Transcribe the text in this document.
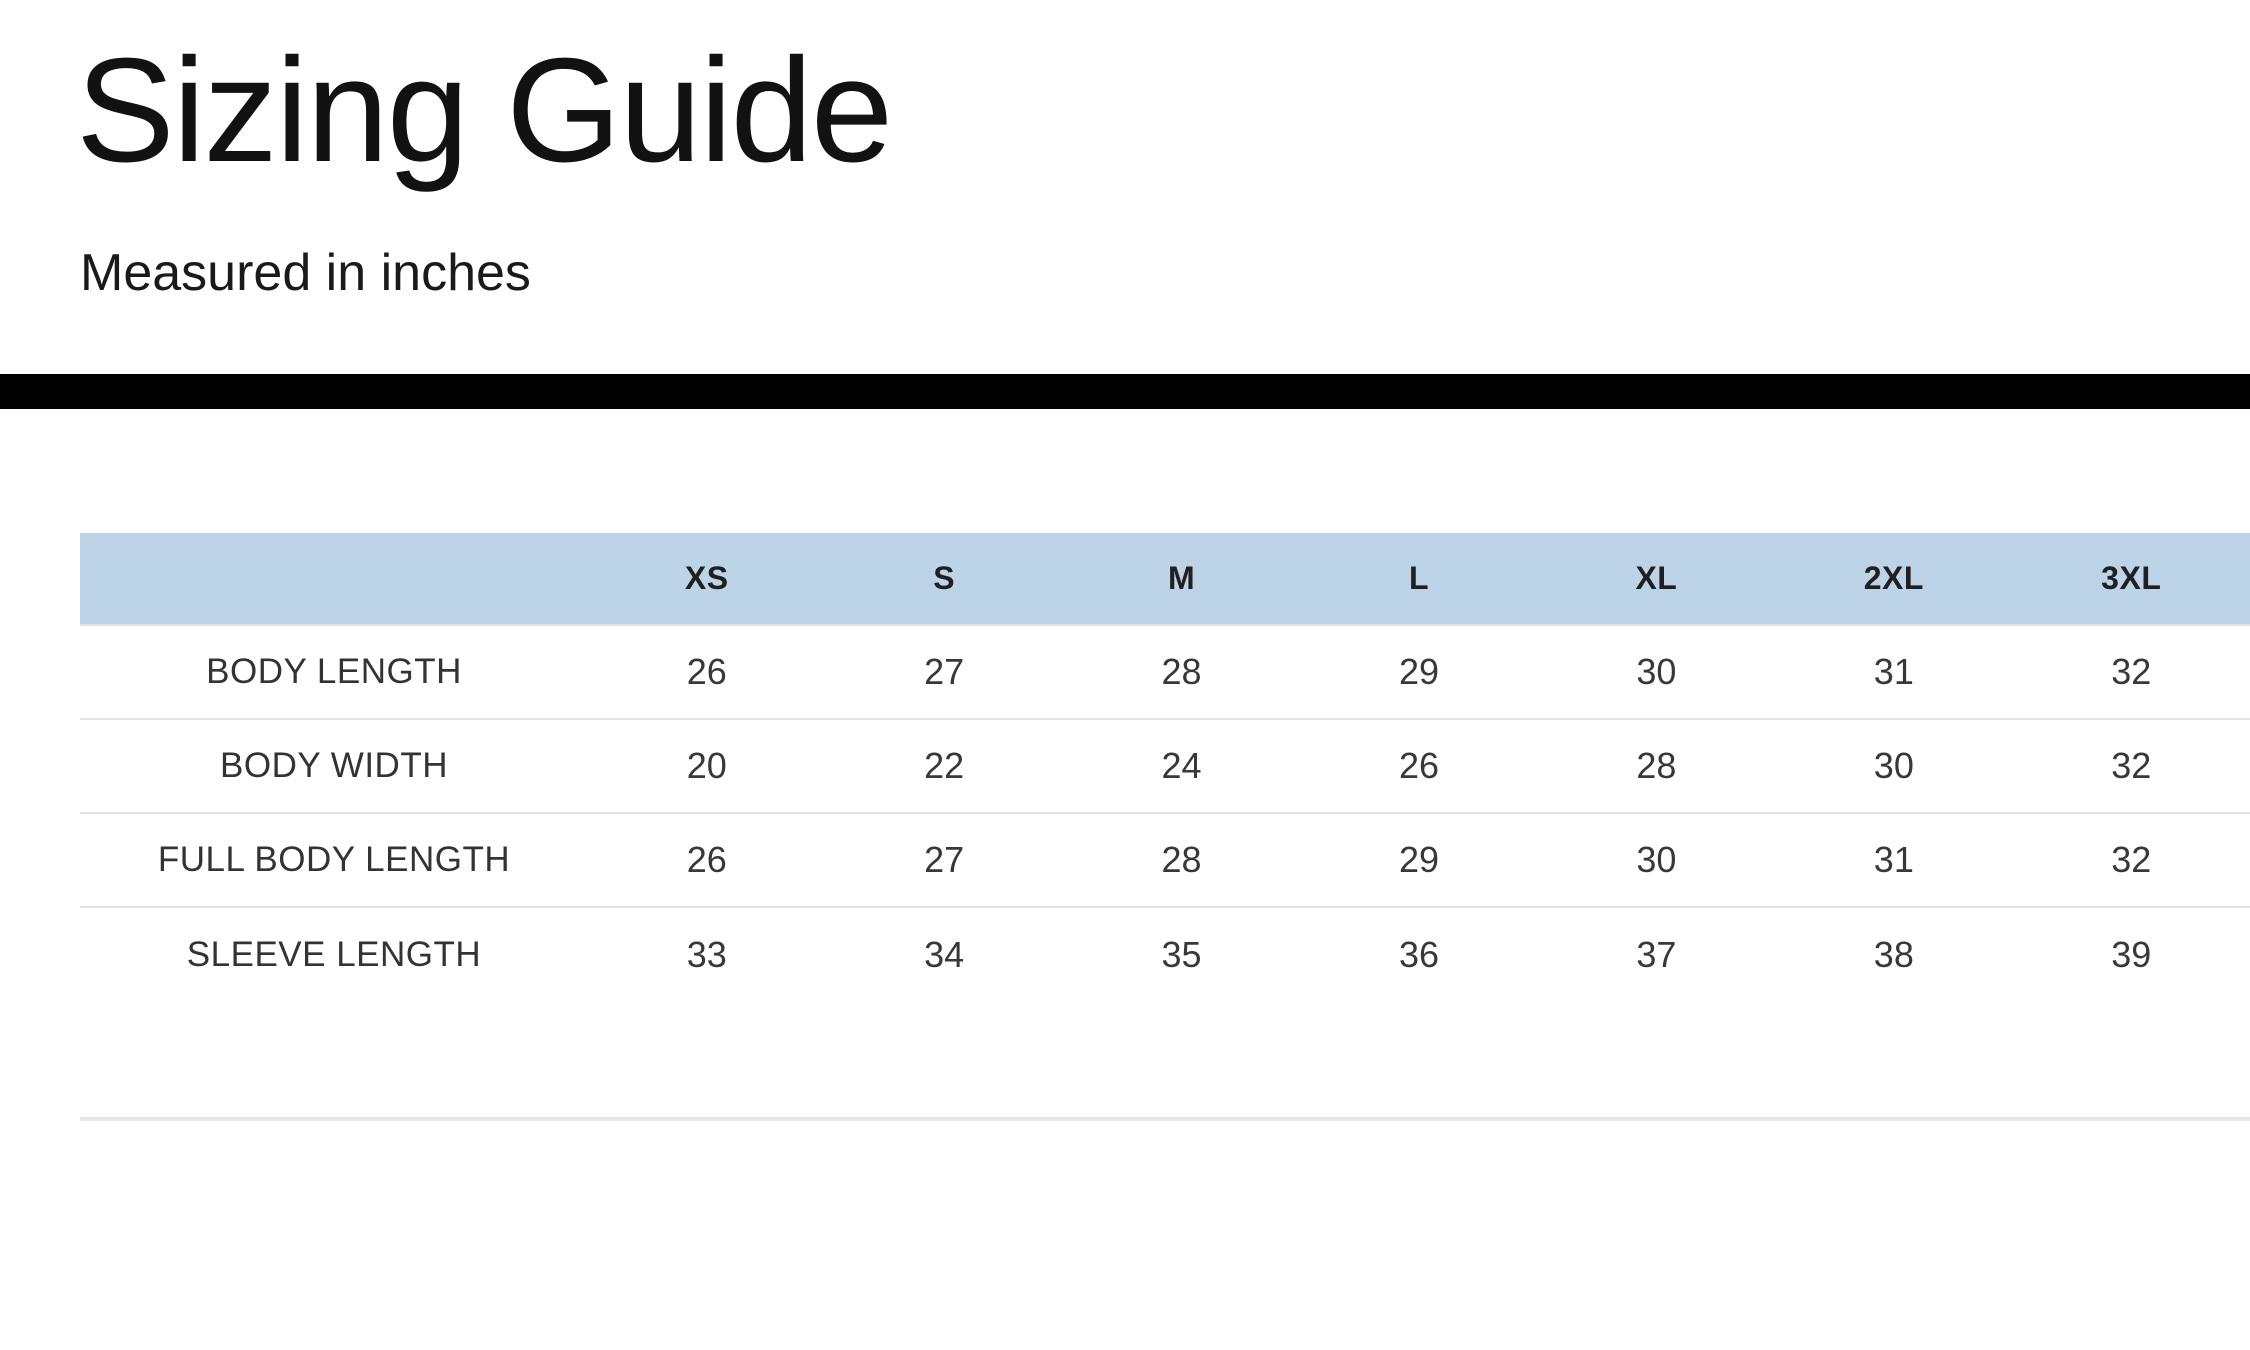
Sizing Guide
Measured in inches
	XS	S	M	L	XL	2XL	3XL
BODY LENGTH	26	27	28	29	30	31	32
BODY WIDTH	20	22	24	26	28	30	32
FULL BODY LENGTH	26	27	28	29	30	31	32
SLEEVE LENGTH	33	34	35	36	37	38	39
